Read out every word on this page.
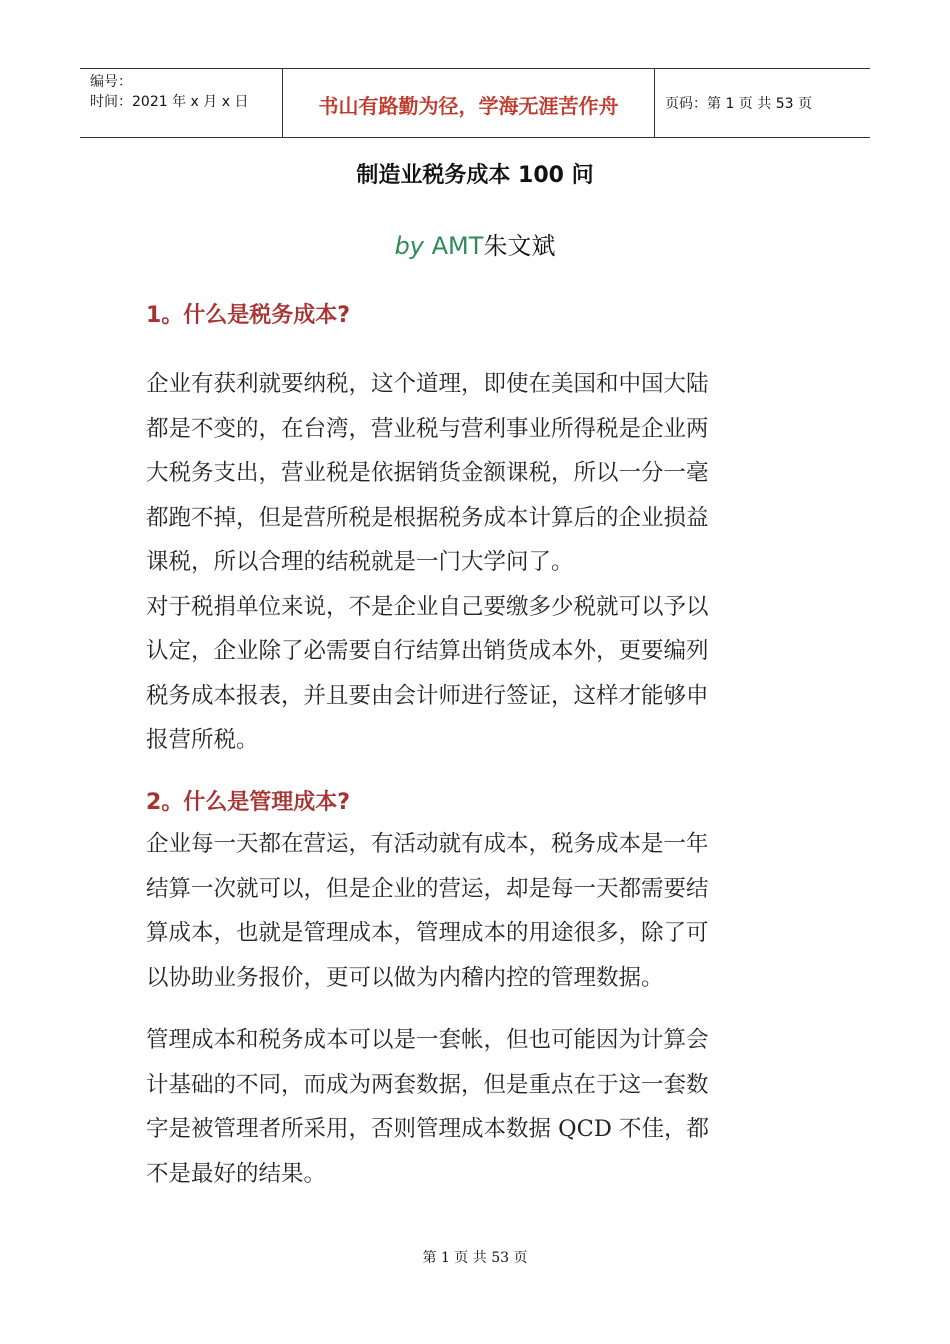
编号：
时间：2021 年 x 月 x 日	书山有路勤为径，学海无涯苦作舟	页码：第 1 页 共 53 页
制造业税务成本 100 问
by AMT朱文斌
1。什么是税务成本?
企业有获利就要纳税，这个道理，即使在美国和中国大陆
都是不变的，在台湾，营业税与营利事业所得税是企业两
大税务支出，营业税是依据销货金额课税，所以一分一毫
都跑不掉，但是营所税是根据税务成本计算后的企业损益
课税，所以合理的结税就是一门大学问了。
对于税捐单位来说，不是企业自己要缴多少税就可以予以
认定，企业除了必需要自行结算出销货成本外，更要编列
税务成本报表，并且要由会计师进行签证，这样才能够申
报营所税。
2。什么是管理成本?
企业每一天都在营运，有活动就有成本，税务成本是一年
结算一次就可以，但是企业的营运，却是每一天都需要结
算成本，也就是管理成本，管理成本的用途很多，除了可
以协助业务报价，更可以做为内稽内控的管理数据。
管理成本和税务成本可以是一套帐，但也可能因为计算会
计基础的不同，而成为两套数据，但是重点在于这一套数
字是被管理者所采用，否则管理成本数据 QCD 不佳，都
不是最好的结果。
第 1 页 共 53 页
